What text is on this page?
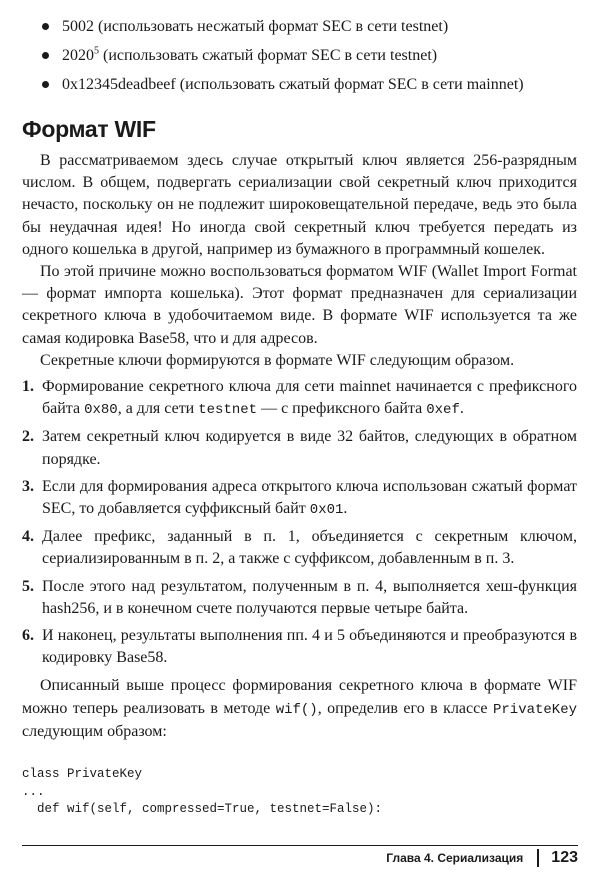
5002 (использовать несжатый формат SEC в сети testnet)
2020$^5$ (использовать сжатый формат SEC в сети testnet)
0x12345deadbeef (использовать сжатый формат SEC в сети mainnet)
Формат WIF

В рассматриваемом здесь случае открытый ключ является 256-разрядным числом. В общем, подвергать сериализации свой секретный ключ приходится нечасто, поскольку он не подлежит широковещательной передаче, ведь это была бы неудачная идея! Но иногда свой секретный ключ требуется передать из одного кошелька в другой, например из бумажного в программный кошелек.

По этой причине можно воспользоваться форматом WIF (Wallet Import Format — формат импорта кошелька). Этот формат предназначен для сериализации секретного ключа в удобочитаемом виде. В формате WIF используется та же самая кодировка Base58, что и для адресов.

Секретные ключи формируются в формате WIF следующим образом.

1. Формирование секретного ключа для сети mainnet начинается с префиксного байта 0x80, а для сети testnet — с префиксного байта 0xef.
2. Затем секретный ключ кодируется в виде 32 байтов, следующих в обратном порядке.
3. Если для формирования адреса открытого ключа использован сжатый формат SEC, то добавляется суффиксный байт 0x01.
4. Далее префикс, заданный в п. 1, объединяется с секретным ключом, сериализированным в п. 2, а также с суффиксом, добавленным в п. 3.
5. После этого над результатом, полученным в п. 4, выполняется хеш-функция hash256, и в конечном счете получаются первые четыре байта.
6. И наконец, результаты выполнения пп. 4 и 5 объединяются и преобразуются в кодировку Base58.

Описанный выше процесс формирования секретного ключа в формате WIF можно теперь реализовать в методе wif(), определив его в классе PrivateKey следующим образом:

class PrivateKey
...
def wif(self, compressed=True, testnet=False):
Глава 4. Сериализация 123
